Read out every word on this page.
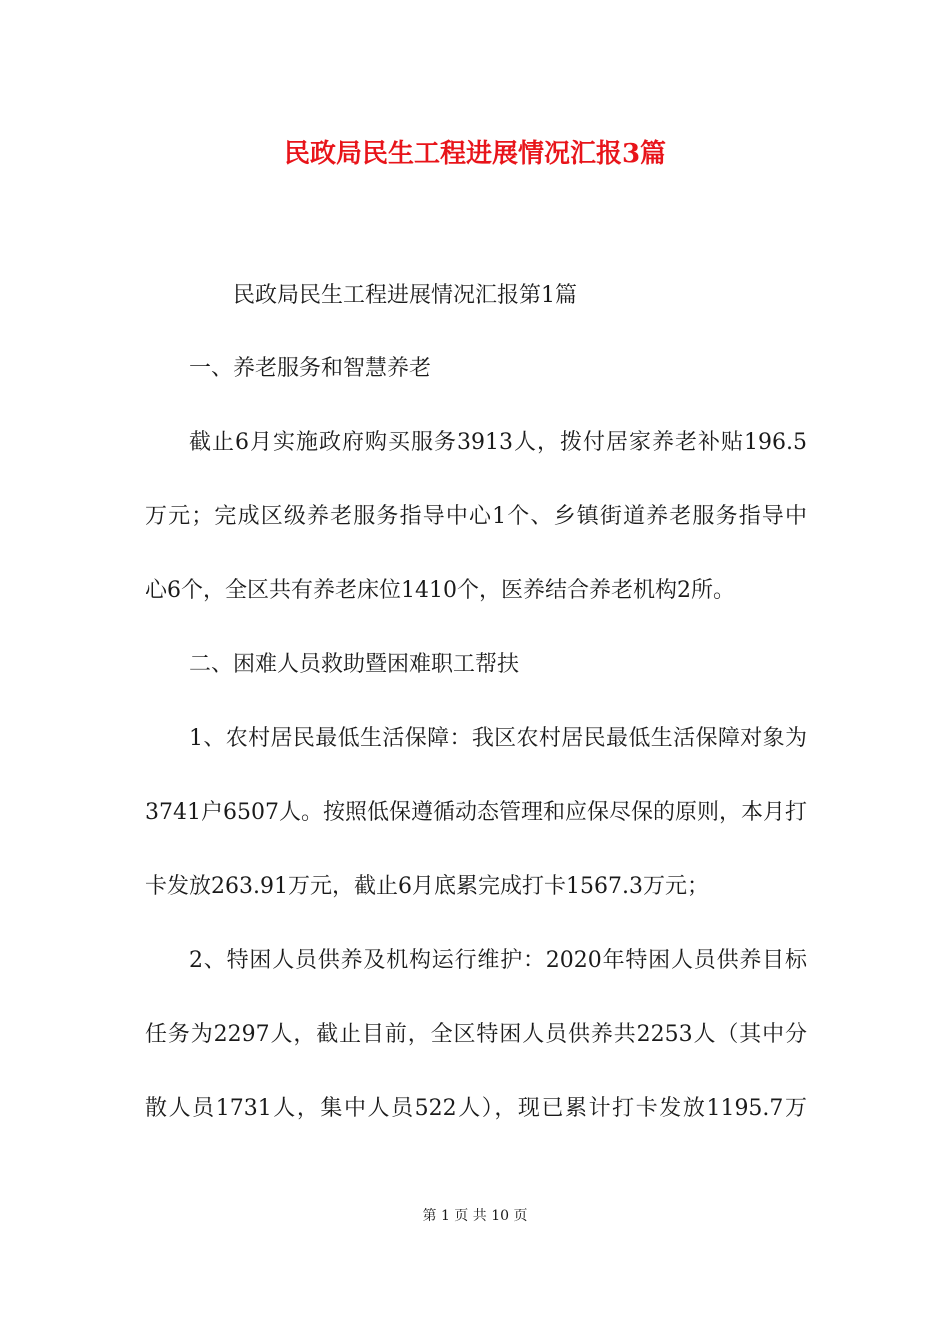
民政局民生工程进展情况汇报3篇

民政局民生工程进展情况汇报第1篇

一、养老服务和智慧养老

截止6月实施政府购买服务3913人，拨付居家养老补贴196.5

万元；完成区级养老服务指导中心1个、乡镇街道养老服务指导中

心6个，全区共有养老床位1410个，医养结合养老机构2所。

二、困难人员救助暨困难职工帮扶

1、农村居民最低生活保障：我区农村居民最低生活保障对象为

3741户6507人。按照低保遵循动态管理和应保尽保的原则，本月打

卡发放263.91万元，截止6月底累完成打卡1567.3万元；

2、特困人员供养及机构运行维护：2020年特困人员供养目标

任务为2297人，截止目前，全区特困人员供养共2253人（其中分

散人员1731人，集中人员522人），现已累计打卡发放1195.7万

第 1 页 共 10 页
